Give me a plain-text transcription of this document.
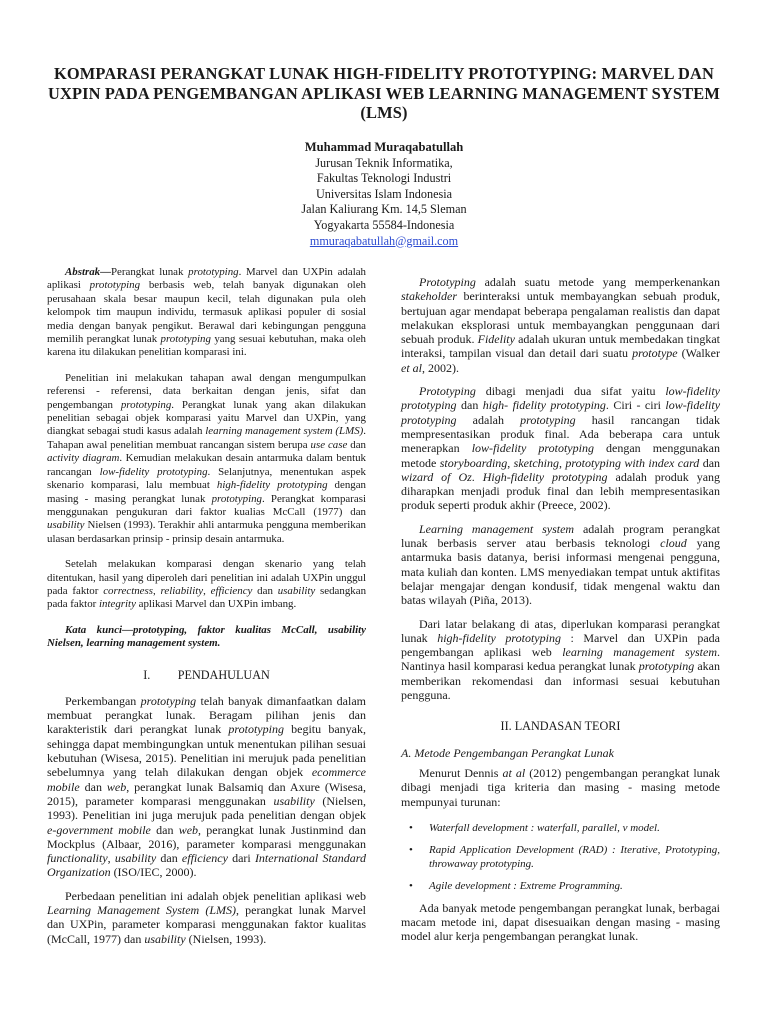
KOMPARASI PERANGKAT LUNAK HIGH-FIDELITY PROTOTYPING: MARVEL DAN UXPIN PADA PENGEMBANGAN APLIKASI WEB LEARNING MANAGEMENT SYSTEM (LMS)
Muhammad Muraqabatullah
Jurusan Teknik Informatika,
Fakultas Teknologi Industri
Universitas Islam Indonesia
Jalan Kaliurang Km. 14,5 Sleman
Yogyakarta 55584-Indonesia
mmuraqabatullah@gmail.com

Abstrak—Perangkat lunak prototyping. Marvel dan UXPin adalah aplikasi prototyping berbasis web, telah banyak digunakan oleh perusahaan skala besar maupun kecil, telah digunakan pula oleh kelompok tim maupun individu, termasuk aplikasi populer di sosial media dengan banyak pengikut. Berawal dari kebingungan pengguna memilih perangkat lunak prototyping yang sesuai kebutuhan, maka oleh karena itu dilakukan penelitian komparasi ini.

Penelitian ini melakukan tahapan awal dengan mengumpulkan referensi - referensi, data berkaitan dengan jenis, sifat dan pengembangan prototyping. Perangkat lunak yang akan dilakukan penelitian sebagai objek komparasi yaitu Marvel dan UXPin, yang diangkat sebagai studi kasus adalah learning management system (LMS). Tahapan awal penelitian membuat rancangan sistem berupa use case dan activity diagram. Kemudian melakukan desain antarmuka dalam bentuk rancangan low-fidelity prototyping. Selanjutnya, menentukan aspek skenario komparasi, lalu membuat high-fidelity prototyping dengan masing - masing perangkat lunak prototyping. Perangkat komparasi menggunakan pengukuran dari faktor kualias McCall (1977) dan usability Nielsen (1993). Terakhir ahli antarmuka pengguna memberikan ulasan berdasarkan prinsip - prinsip desain antarmuka.

Setelah melakukan komparasi dengan skenario yang telah ditentukan, hasil yang diperoleh dari penelitian ini adalah UXPin unggul pada faktor correctness, reliability, efficiency dan usability sedangkan pada faktor integrity aplikasi Marvel dan UXPin imbang.

Kata kunci—prototyping, faktor kualitas McCall, usability Nielsen, learning management system.

I. PENDAHULUAN

Perkembangan prototyping telah banyak dimanfaatkan dalam membuat perangkat lunak. Beragam pilihan jenis dan karakteristik dari perangkat lunak prototyping begitu banyak, sehingga dapat membingungkan untuk menentukan pilihan sesuai kebutuhan (Wisesa, 2015). Penelitian ini merujuk pada penelitian sebelumnya yang telah dilakukan dengan objek ecommerce mobile dan web, perangkat lunak Balsamiq dan Axure (Wisesa, 2015), parameter komparasi menggunakan usability (Nielsen, 1993). Penelitian ini juga merujuk pada penelitian dengan objek e-government mobile dan web, perangkat lunak Justinmind dan Mockplus (Albaar, 2016), parameter komparasi menggunakan functionality, usability dan efficiency dari International Standard Organization (ISO/IEC, 2000).

Perbedaan penelitian ini adalah objek penelitian aplikasi web Learning Management System (LMS), perangkat lunak Marvel dan UXPin, parameter komparasi menggunakan faktor kualitas (McCall, 1977) dan usability (Nielsen, 1993).

Prototyping adalah suatu metode yang memperkenankan stakeholder berinteraksi untuk membayangkan sebuah produk, bertujuan agar mendapat beberapa pengalaman realistis dan dapat melakukan eksplorasi untuk membayangkan penggunaan dari sebuah produk. Fidelity adalah ukuran untuk membedakan tingkat interaksi, tampilan visual dan detail dari suatu prototype (Walker et al, 2002).

Prototyping dibagi menjadi dua sifat yaitu low-fidelity prototyping dan high- fidelity prototyping. Ciri - ciri low-fidelity prototyping adalah prototyping hasil rancangan tidak mempresentasikan produk final. Ada beberapa cara untuk menerapkan low-fidelity prototyping dengan menggunakan metode storyboarding, sketching, prototyping with index card dan wizard of Oz. High-fidelity prototyping adalah produk yang diharapkan menjadi produk final dan lebih mempresentasikan produk seperti produk akhir (Preece, 2002).

Learning management system adalah program perangkat lunak berbasis server atau berbasis teknologi cloud yang antarmuka basis datanya, berisi informasi mengenai pengguna, mata kuliah dan konten. LMS menyediakan tempat untuk aktifitas belajar mengajar dengan kondusif, tidak mengenal waktu dan batas wilayah (Piña, 2013).

Dari latar belakang di atas, diperlukan komparasi perangkat lunak high-fidelity prototyping : Marvel dan UXPin pada pengembangan aplikasi web learning management system. Nantinya hasil komparasi kedua perangkat lunak prototyping akan memberikan rekomendasi dan informasi sesuai kebutuhan pengguna.

II. LANDASAN TEORI

A. Metode Pengembangan Perangkat Lunak

Menurut Dennis at al (2012) pengembangan perangkat lunak dibagi menjadi tiga kriteria dan masing - masing metode mempunyai turunan:

• Waterfall development : waterfall, parallel, v model.
• Rapid Application Development (RAD) : Iterative, Prototyping, throwaway prototyping.
• Agile development : Extreme Programming.

Ada banyak metode pengembangan perangkat lunak, berbagai macam metode ini, dapat disesuaikan dengan masing - masing model alur kerja pengembangan perangkat lunak.
